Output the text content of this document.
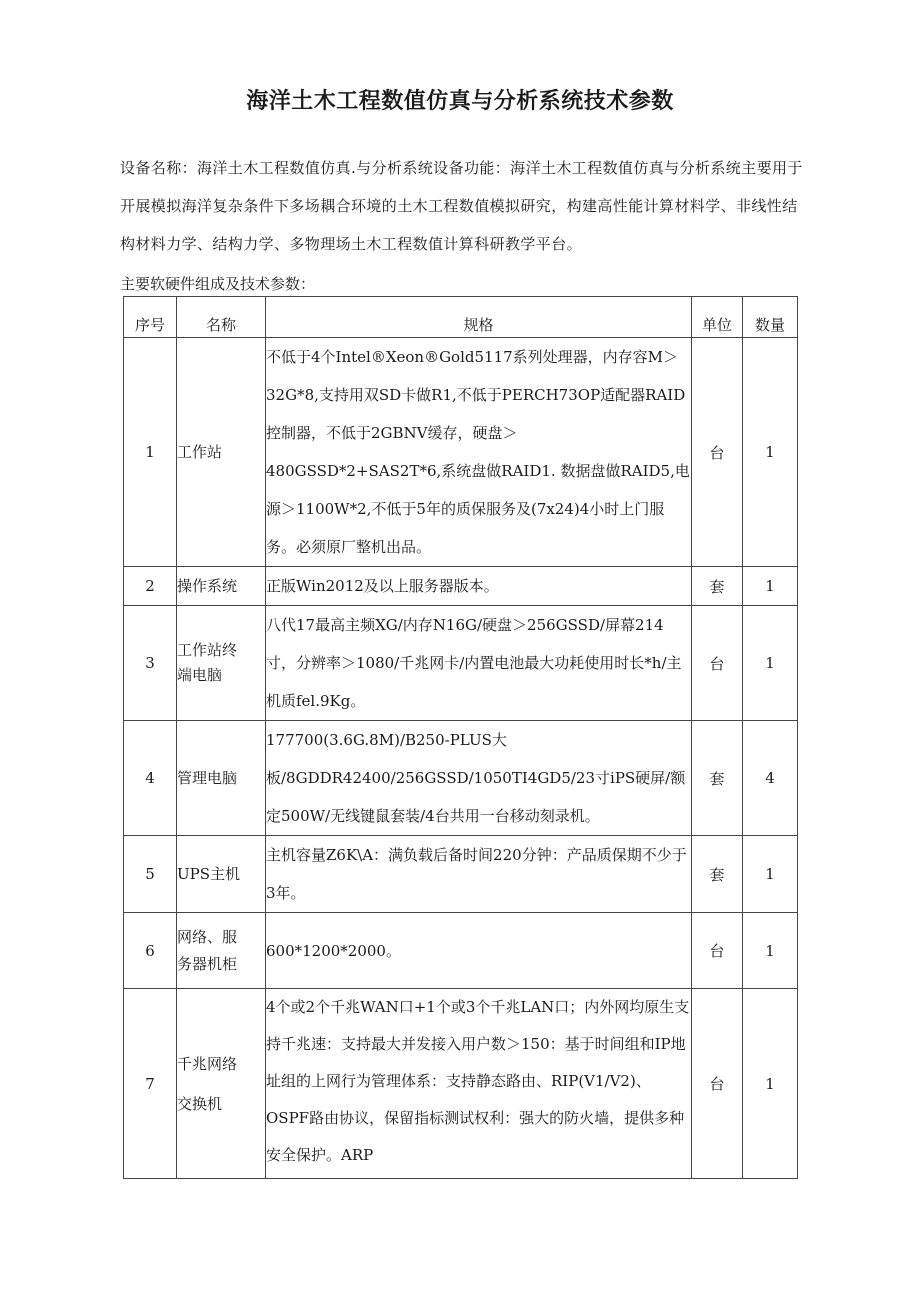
海洋土木工程数值仿真与分析系统技术参数

设备名称：海洋土木工程数值仿真.与分析系统设备功能：海洋土木工程数值仿真与分析系统主要用于开展模拟海洋复杂条件下多场耦合环境的土木工程数值模拟研究，构建高性能计算材料学、非线性结构材料力学、结构力学、多物理场土木工程数值计算科研教学平台。

主要软硬件组成及技术参数：

序号	名称	规格	单位	数量
1	工作站	不低于4个Intel®Xeon®Gold5117系列处理器，内存容M＞32G*8,支持用双SD卡做R1,不低于PERCH73OP适配器RAID控制器，不低于2GBNV缓存，硬盘＞480GSSD*2+SAS2T*6,系统盘做RAID1. 数据盘做RAID5,电源＞1100W*2,不低于5年的质保服务及(7x24)4小时上门服务。必须原厂整机出品。	台	1
2	操作系统	正版Win2012及以上服务器版本。	套	1
3	工作站终端电脑	八代17最高主频XG/内存N16G/硬盘＞256GSSD/屏幕214寸，分辨率＞1080/千兆网卡/内置电池最大功耗使用时长*h/主机质fel.9Kg。	台	1
4	管理电脑	177700(3.6G.8M)/B250-PLUS大板/8GDDR42400/256GSSD/1050TI4GD5/23寸iPS硬屏/额定500W/无线键鼠套装/4台共用一台移动刻录机。	套	4
5	UPS主机	主机容量Z6K\A：满负载后备时间220分钟：产品质保期不少于3年。	套	1
6	网络、服务器机柜	600*1200*2000。	台	1
7	千兆网络交换机	4个或2个千兆WAN口+1个或3个千兆LAN口；内外网均原生支持千兆速：支持最大并发接入用户数＞150：基于时间组和IP地址组的上网行为管理体系：支持静态路由、RIP(V1/V2)、OSPF路由协议，保留指标测试权利：强大的防火墙，提供多种安全保护。ARP	台	1
